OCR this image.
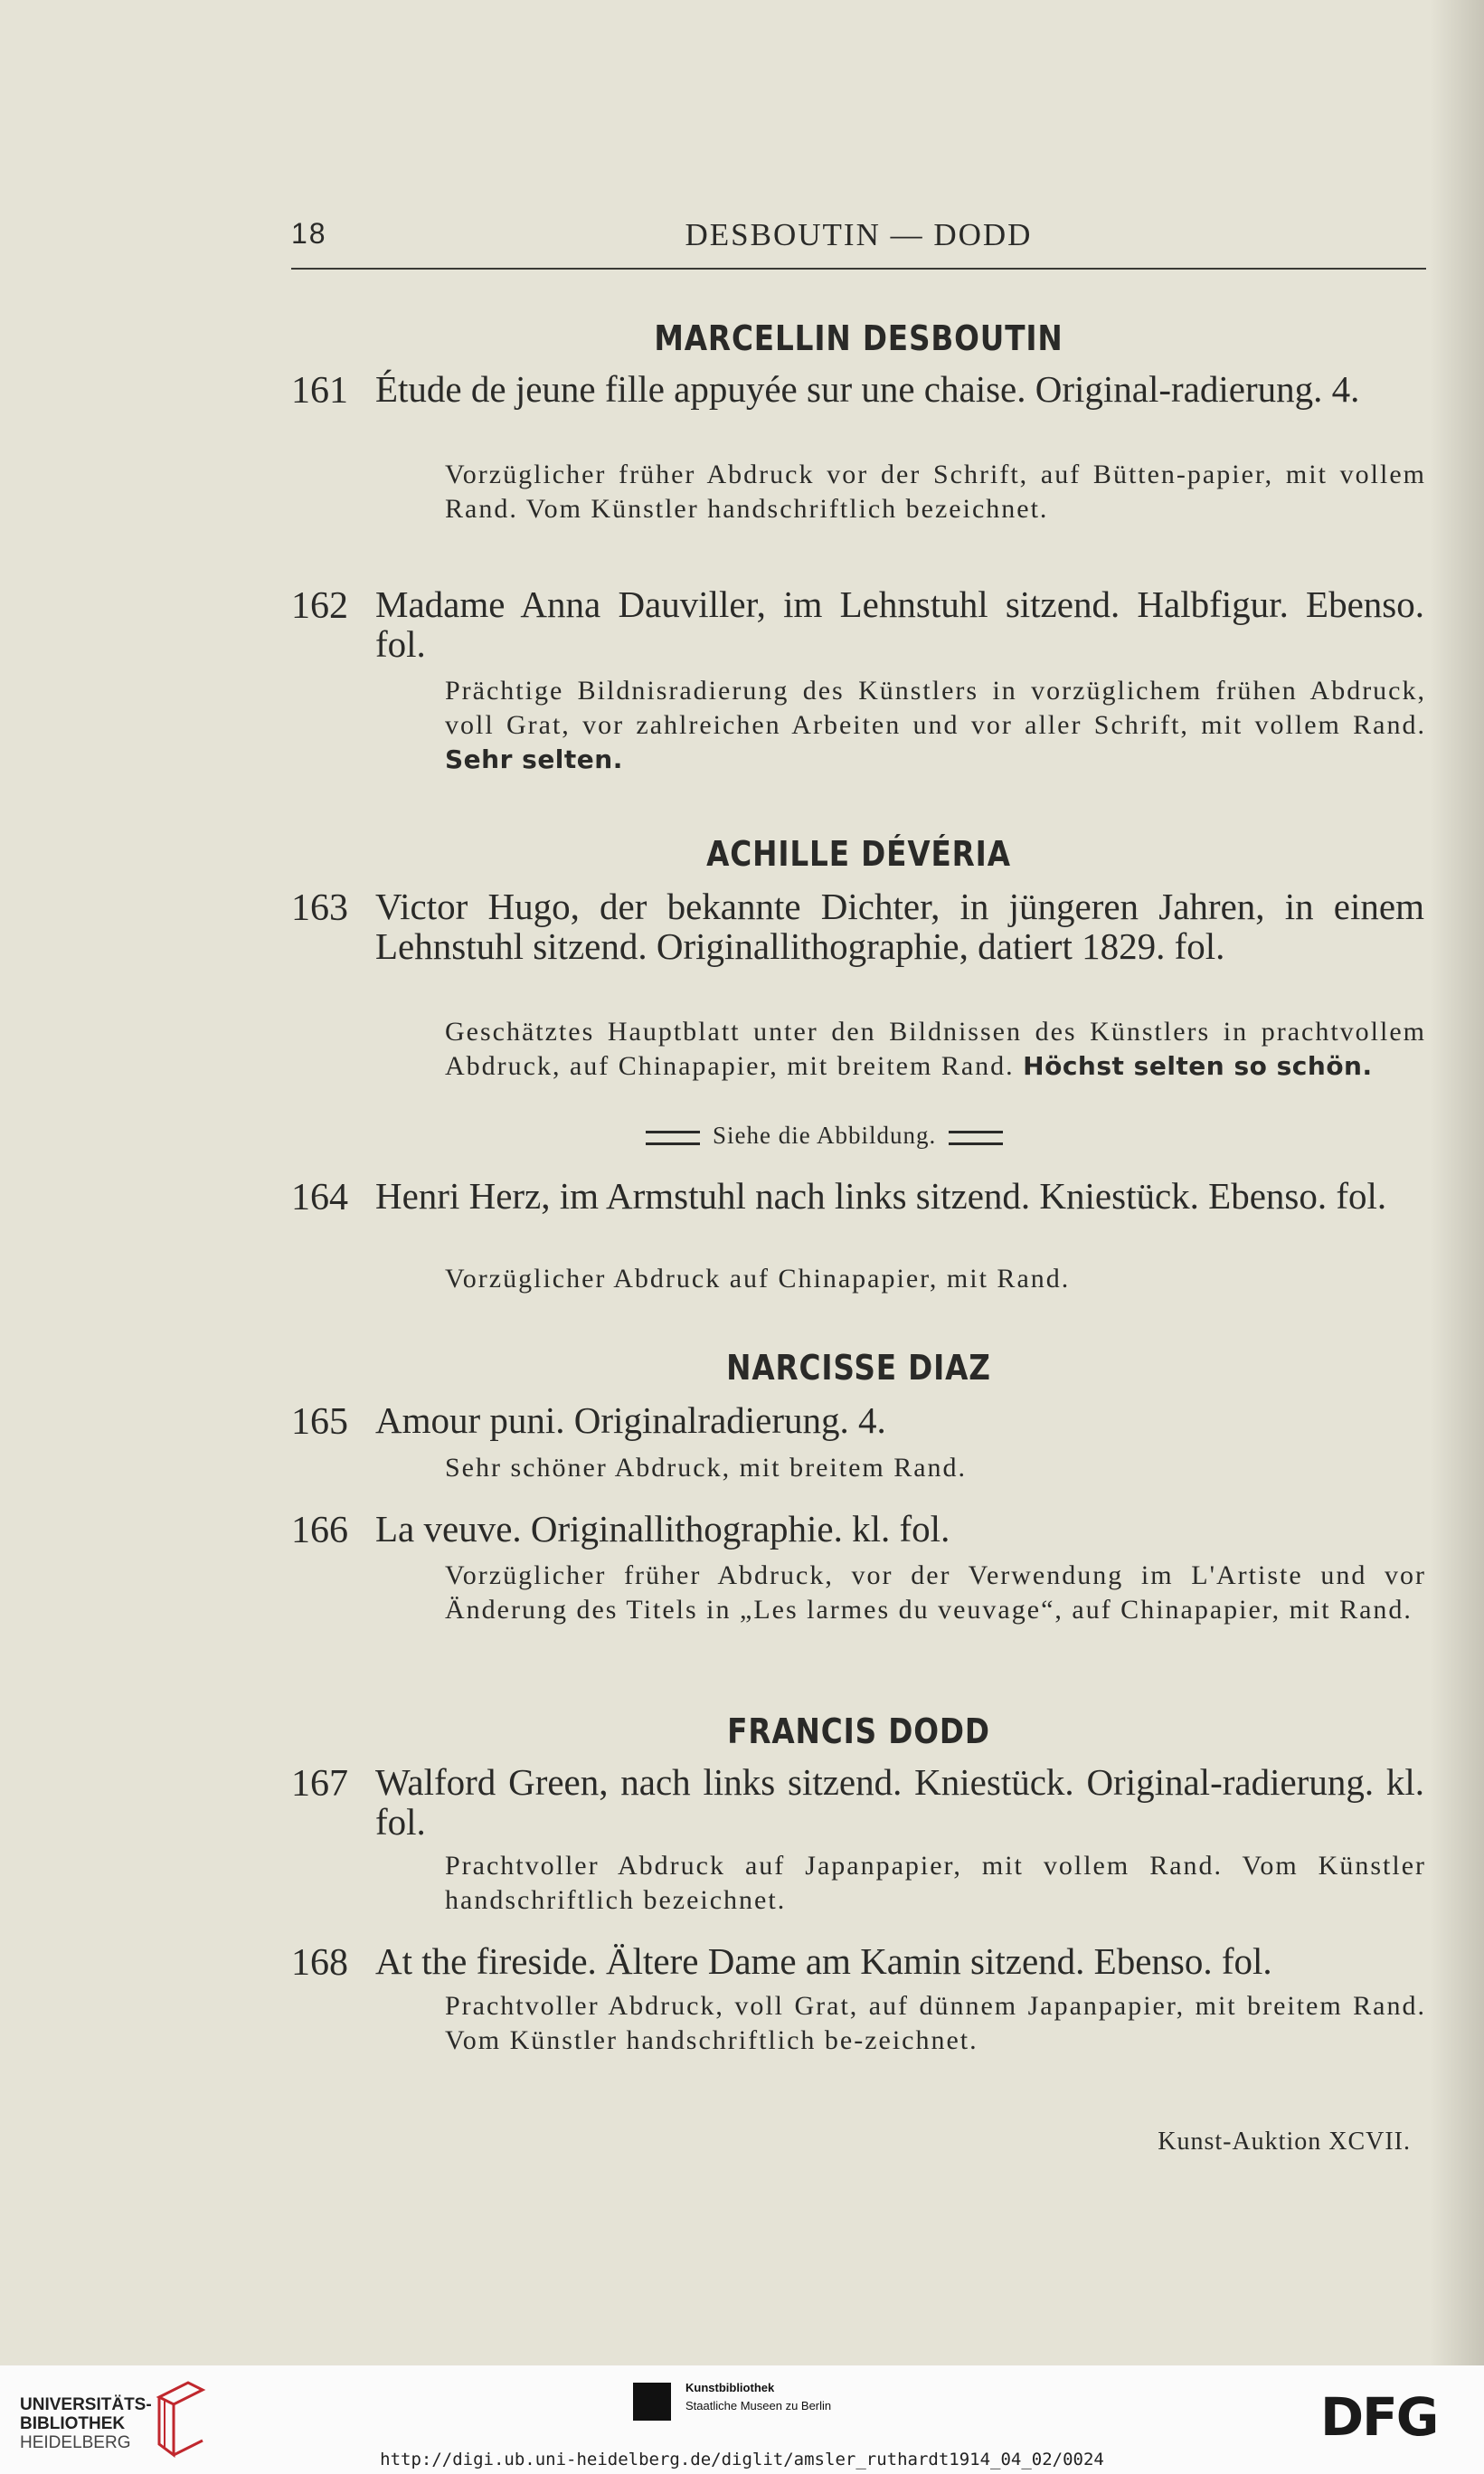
18	DESBOUTIN — DODD
MARCELLIN DESBOUTIN
161 Étude de jeune fille appuyée sur une chaise. Original-radierung. 4.
Vorzüglicher früher Abdruck vor der Schrift, auf Bütten-papier, mit vollem Rand. Vom Künstler handschriftlich bezeichnet.
162 Madame Anna Dauviller, im Lehnstuhl sitzend. Halbfigur. Ebenso. fol.
Prächtige Bildnisradierung des Künstlers in vorzüglichem frühen Abdruck, voll Grat, vor zahlreichen Arbeiten und vor aller Schrift, mit vollem Rand. Sehr selten.
ACHILLE DÉVÉRIA
163 Victor Hugo, der bekannte Dichter, in jüngeren Jahren, in einem Lehnstuhl sitzend. Originallithographie, datiert 1829. fol.
Geschätztes Hauptblatt unter den Bildnissen des Künstlers in prachtvollem Abdruck, auf Chinapapier, mit breitem Rand. Höchst selten so schön.
Siehe die Abbildung.
164 Henri Herz, im Armstuhl nach links sitzend. Kniestück. Ebenso. fol.
Vorzüglicher Abdruck auf Chinapapier, mit Rand.
NARCISSE DIAZ
165 Amour puni. Originalradierung. 4.
Sehr schöner Abdruck, mit breitem Rand.
166 La veuve. Originallithographie. kl. fol.
Vorzüglicher früher Abdruck, vor der Verwendung im L'Artiste und vor Änderung des Titels in „Les larmes du veuvage“, auf Chinapapier, mit Rand.
FRANCIS DODD
167 Walford Green, nach links sitzend. Kniestück. Original-radierung. kl. fol.
Prachtvoller Abdruck auf Japanpapier, mit vollem Rand. Vom Künstler handschriftlich bezeichnet.
168 At the fireside. Ältere Dame am Kamin sitzend. Ebenso. fol.
Prachtvoller Abdruck, voll Grat, auf dünnem Japanpapier, mit breitem Rand. Vom Künstler handschriftlich be-zeichnet.
Kunst-Auktion XCVII.
UNIVERSITÄTS-
BIBLIOTHEK
HEIDELBERG
Kunstbibliothek
Staatliche Museen zu Berlin	DFG
http://digi.ub.uni-heidelberg.de/diglit/amsler_ruthardt1914_04_02/0024
